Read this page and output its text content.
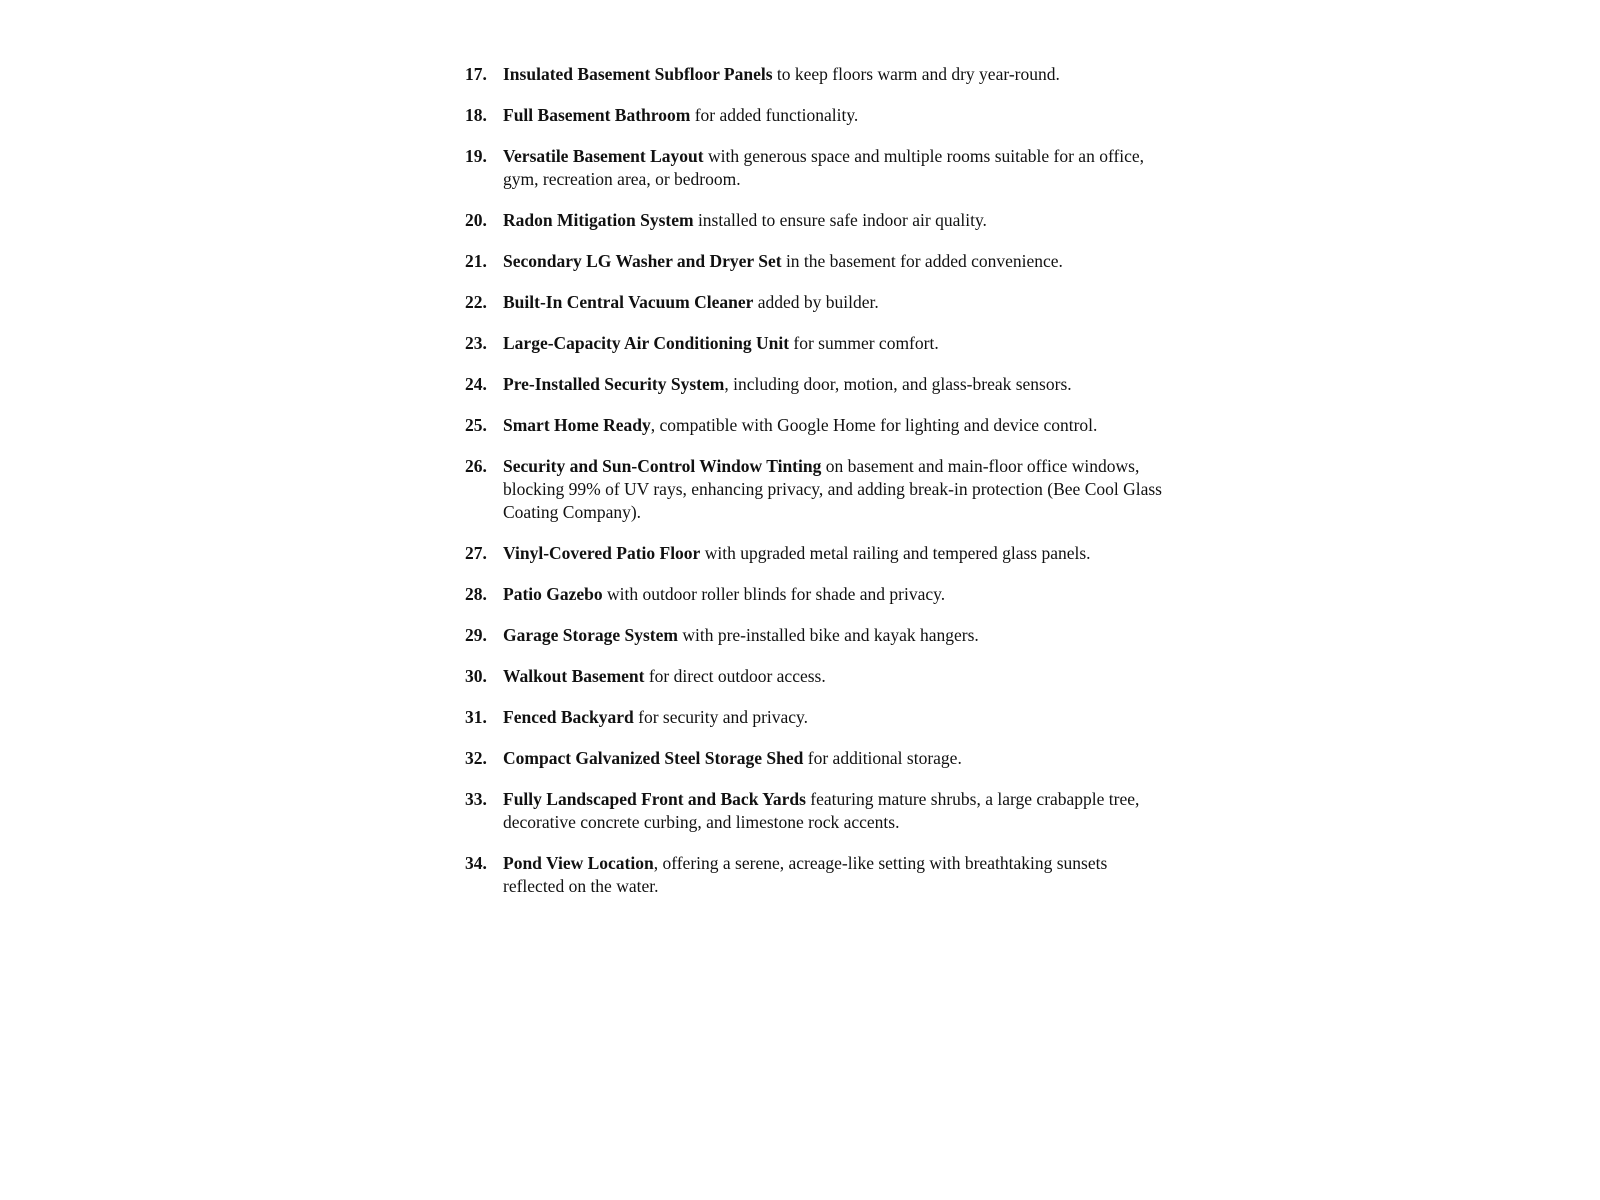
17. Insulated Basement Subfloor Panels to keep floors warm and dry year-round.
18. Full Basement Bathroom for added functionality.
19. Versatile Basement Layout with generous space and multiple rooms suitable for an office, gym, recreation area, or bedroom.
20. Radon Mitigation System installed to ensure safe indoor air quality.
21. Secondary LG Washer and Dryer Set in the basement for added convenience.
22. Built-In Central Vacuum Cleaner added by builder.
23. Large-Capacity Air Conditioning Unit for summer comfort.
24. Pre-Installed Security System, including door, motion, and glass-break sensors.
25. Smart Home Ready, compatible with Google Home for lighting and device control.
26. Security and Sun-Control Window Tinting on basement and main-floor office windows, blocking 99% of UV rays, enhancing privacy, and adding break-in protection (Bee Cool Glass Coating Company).
27. Vinyl-Covered Patio Floor with upgraded metal railing and tempered glass panels.
28. Patio Gazebo with outdoor roller blinds for shade and privacy.
29. Garage Storage System with pre-installed bike and kayak hangers.
30. Walkout Basement for direct outdoor access.
31. Fenced Backyard for security and privacy.
32. Compact Galvanized Steel Storage Shed for additional storage.
33. Fully Landscaped Front and Back Yards featuring mature shrubs, a large crabapple tree, decorative concrete curbing, and limestone rock accents.
34. Pond View Location, offering a serene, acreage-like setting with breathtaking sunsets reflected on the water.
